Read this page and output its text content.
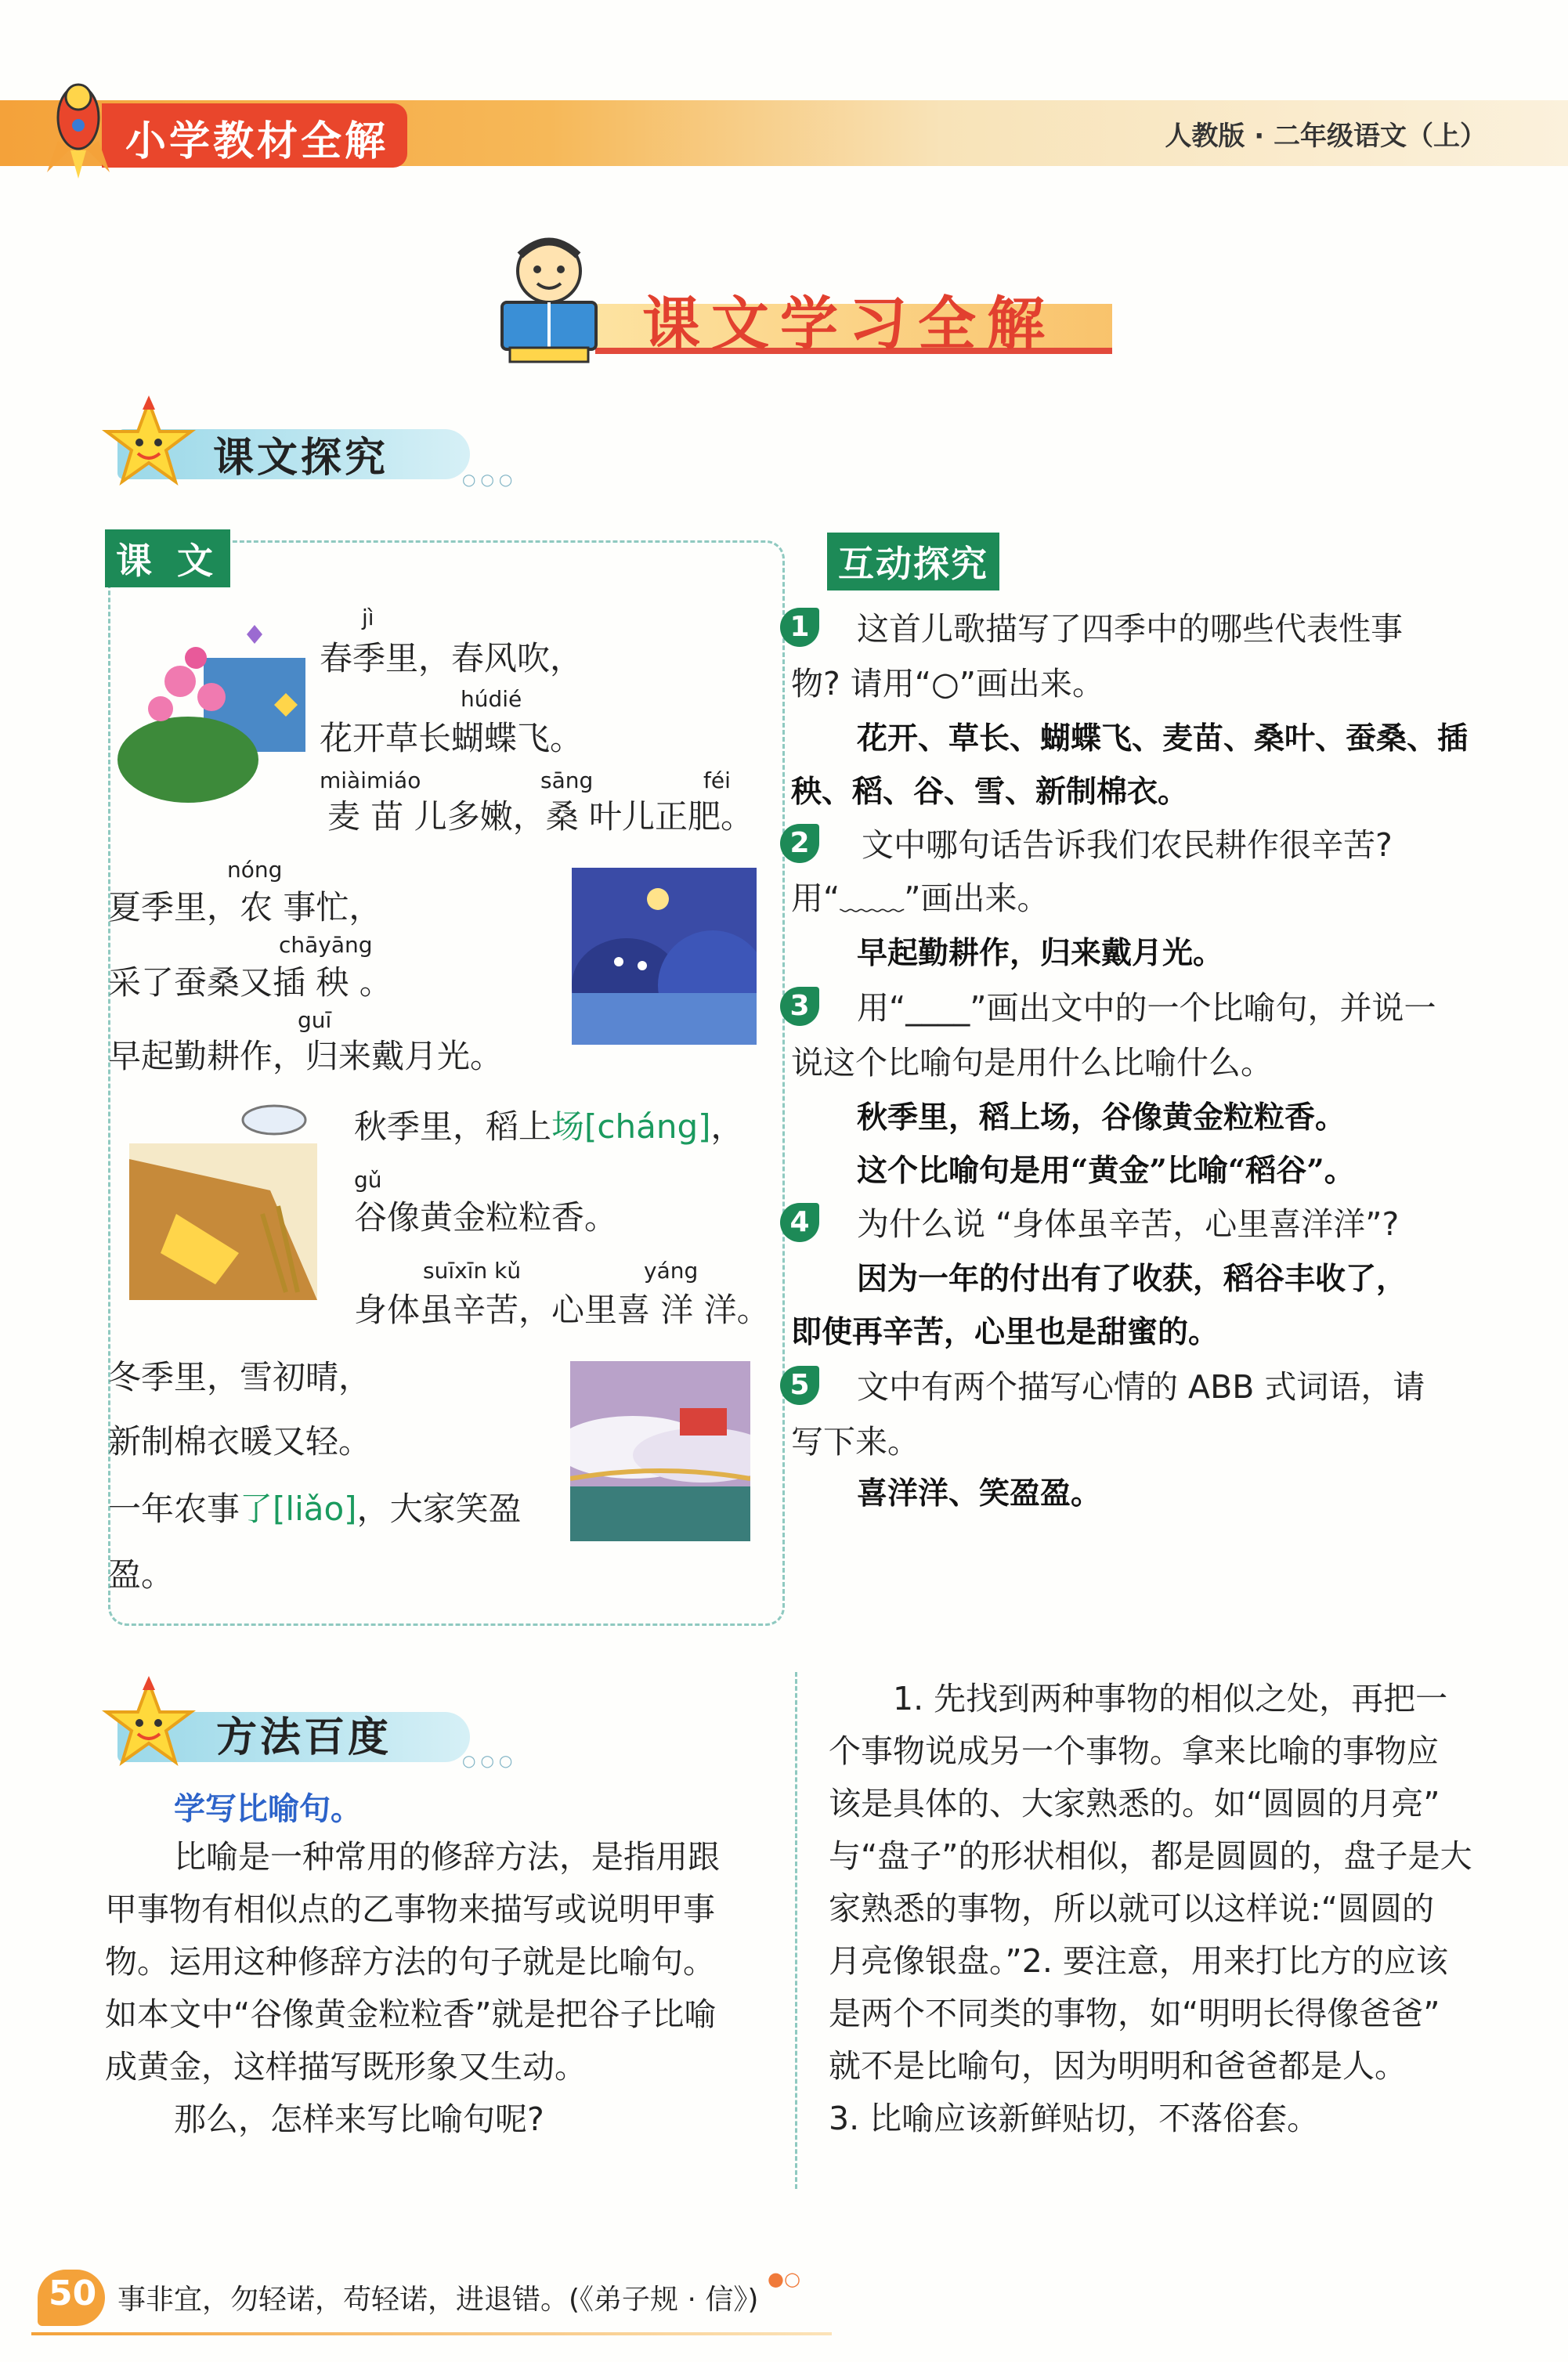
小学教材全解	人教版 · 二年级语文（上）
课文学习全解
课文探究	○○○
课 文
jì
春季里，春风吹，
húdié
花开草长蝴蝶飞。
miàimiáo	sāng	féi
麦 苗 儿多嫩，桑 叶儿正肥。
nóng
夏季里，农 事忙，
chāyāng
采了蚕桑又插 秧 。
guī
早起勤耕作，归来戴月光。
秋季里，稻上场[cháng]，
gǔ
谷像黄金粒粒香。
suīxīn kǔ	yáng
身体虽辛苦，心里喜 洋 洋。
冬季里，雪初晴，
新制棉衣暖又轻。
一年农事了[liǎo]，大家笑盈
盈。
互动探究
1	这首儿歌描写了四季中的哪些代表性事
物? 请用“○”画出来。
花开、草长、蝴蝶飞、麦苗、桑叶、蚕桑、插
秧、稻、谷、雪、新制棉衣。
2	文中哪句话告诉我们农民耕作很辛苦?
用“﹏﹏”画出来。
早起勤耕作，归来戴月光。
3	用“____”画出文中的一个比喻句，并说一
说这个比喻句是用什么比喻什么。
秋季里，稻上场，谷像黄金粒粒香。
这个比喻句是用“黄金”比喻“稻谷”。
4	为什么说 “身体虽辛苦，心里喜洋洋”?
因为一年的付出有了收获，稻谷丰收了，
即使再辛苦，心里也是甜蜜的。
5	文中有两个描写心情的 ABB 式词语，请
写下来。
喜洋洋、笑盈盈。
方法百度	○○○
学写比喻句。
比喻是一种常用的修辞方法，是指用跟
甲事物有相似点的乙事物来描写或说明甲事
物。运用这种修辞方法的句子就是比喻句。
如本文中“谷像黄金粒粒香”就是把谷子比喻
成黄金，这样描写既形象又生动。
那么，怎样来写比喻句呢?
1. 先找到两种事物的相似之处，再把一
个事物说成另一个事物。拿来比喻的事物应
该是具体的、大家熟悉的。如“圆圆的月亮”
与“盘子”的形状相似，都是圆圆的，盘子是大
家熟悉的事物，所以就可以这样说:“圆圆的
月亮像银盘。”2. 要注意，用来打比方的应该
是两个不同类的事物，如“明明长得像爸爸”
就不是比喻句，因为明明和爸爸都是人。
3. 比喻应该新鲜贴切，不落俗套。
50 事非宜，勿轻诺，苟轻诺，进退错。(《弟子规 · 信》)
●○
